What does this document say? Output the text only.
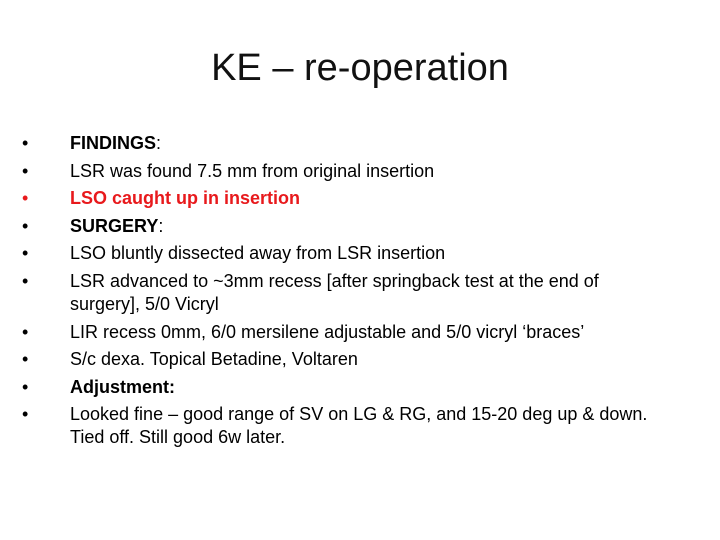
KE – re-operation
• FINDINGS:
• LSR was found 7.5 mm from original insertion
• LSO caught up in insertion
• SURGERY:
• LSO bluntly dissected away from LSR insertion
• LSR advanced to ~3mm recess [after springback test at the end of surgery], 5/0 Vicryl
• LIR recess 0mm, 6/0 mersilene adjustable and 5/0 vicryl ‘braces’
• S/c dexa. Topical Betadine, Voltaren
• Adjustment:
• Looked fine – good range of SV on LG & RG, and 15-20 deg up & down. Tied off. Still good 6w later.
